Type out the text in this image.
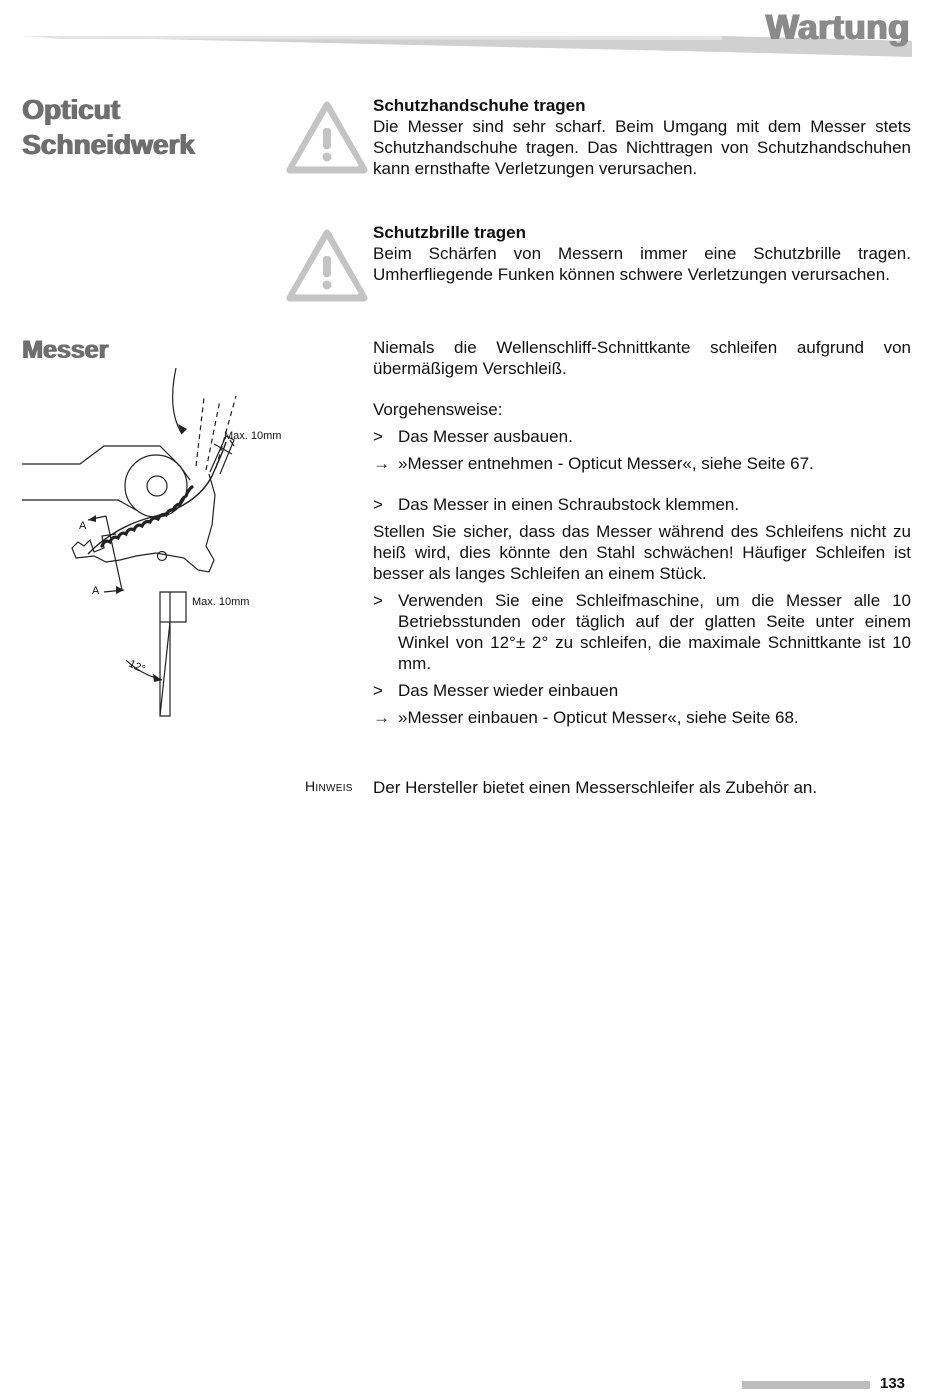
Wartung
Opticut
Schneidwerk
Schutzhandschuhe tragen
Die Messer sind sehr scharf. Beim Umgang mit dem Messer stets Schutzhandschuhe tragen. Das Nichttragen von Schutzhandschuhen kann ernsthafte Verletzungen verursachen.
Schutzbrille tragen
Beim Schärfen von Messern immer eine Schutzbrille tragen. Umherfliegende Funken können schwere Verletzungen verursachen.
Messer
Max. 10mm
Max. 10mm
A
A
12°

Niemals die Wellenschliff-Schnittkante schleifen aufgrund von übermäßigem Verschleiß.

Vorgehensweise:

> Das Messer ausbauen.
→ »Messer entnehmen - Opticut Messer«, siehe Seite 67.
> Das Messer in einen Schraubstock klemmen.

Stellen Sie sicher, dass das Messer während des Schleifens nicht zu heiß wird, dies könnte den Stahl schwächen! Häufiger Schleifen ist besser als langes Schleifen an einem Stück.

> Verwenden Sie eine Schleifmaschine, um die Messer alle 10 Betriebsstunden oder täglich auf der glatten Seite unter einem Winkel von 12°± 2° zu schleifen, die maximale Schnittkante ist 10 mm.
> Das Messer wieder einbauen
→ »Messer einbauen - Opticut Messer«, siehe Seite 68.
Hinweis Der Hersteller bietet einen Messerschleifer als Zubehör an.
133
